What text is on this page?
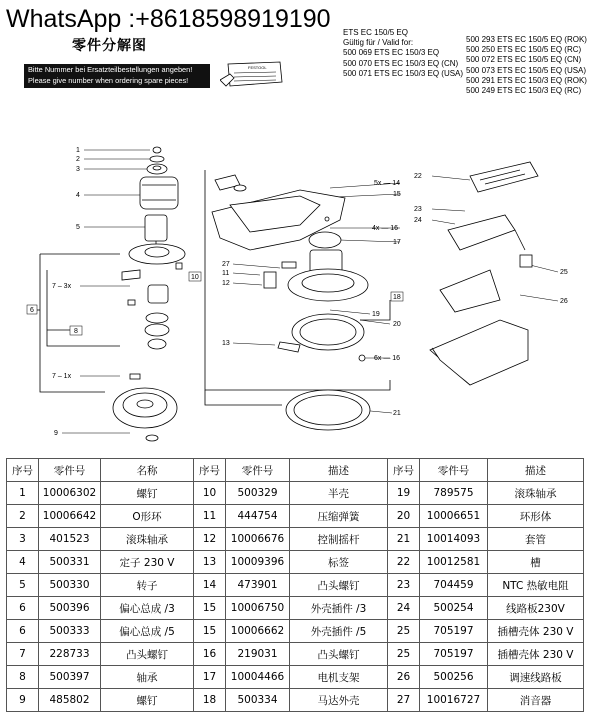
WhatsApp :+8618598919190
零件分解图
ETS EC 150/5 EQ
Gültig für / Valid for:
500 069 ETS EC 150/3 EQ
500 070 ETS EC 150/3 EQ (CN)
500 071 ETS EC 150/3 EQ (USA)
500 293 ETS EC 150/5 EQ (ROK)
500 250 ETS EC 150/5 EQ (RC)
500 072 ETS EC 150/5 EQ (CN)
500 073 ETS EC 150/5 EQ (USA)
500 291 ETS EC 150/3 EQ (ROK)
500 249 ETS EC 150/3 EQ (RC)
Bitte Nummer bei Ersatzteilbestellungen angeben!
Please give number when ordering spare pieces!
FESTOOL
1
2
3
4
5
6
7 – 3x
8
7 – 1x
9
10
11
12
13
27
5x — 14
15
4x — 16
17
18
19
20
6x — 16
21
22
23
24
25
26
序号	零件号	名称	序号	零件号	描述	序号	零件号	描述
1	10006302	螺钉	10	500329	半壳	19	789575	滚珠轴承
2	10006642	O形环	11	444754	压缩弹簧	20	10006651	环形体
3	401523	滚珠轴承	12	10006676	控制摇杆	21	10014093	套管
4	500331	定子 230 V	13	10009396	标签	22	10012581	槽
5	500330	转子	14	473901	凸头螺钉	23	704459	NTC 热敏电阻
6	500396	偏心总成 /3	15	10006750	外壳插件 /3	24	500254	线路板230V
6	500333	偏心总成 /5	15	10006662	外壳插件 /5	25	705197	插槽壳体 230 V
7	228733	凸头螺钉	16	219031	凸头螺钉	25	705197	插槽壳体 230 V
8	500397	轴承	17	10004466	电机支架	26	500256	调速线路板
9	485802	螺钉	18	500334	马达外壳	27	10016727	消音器
